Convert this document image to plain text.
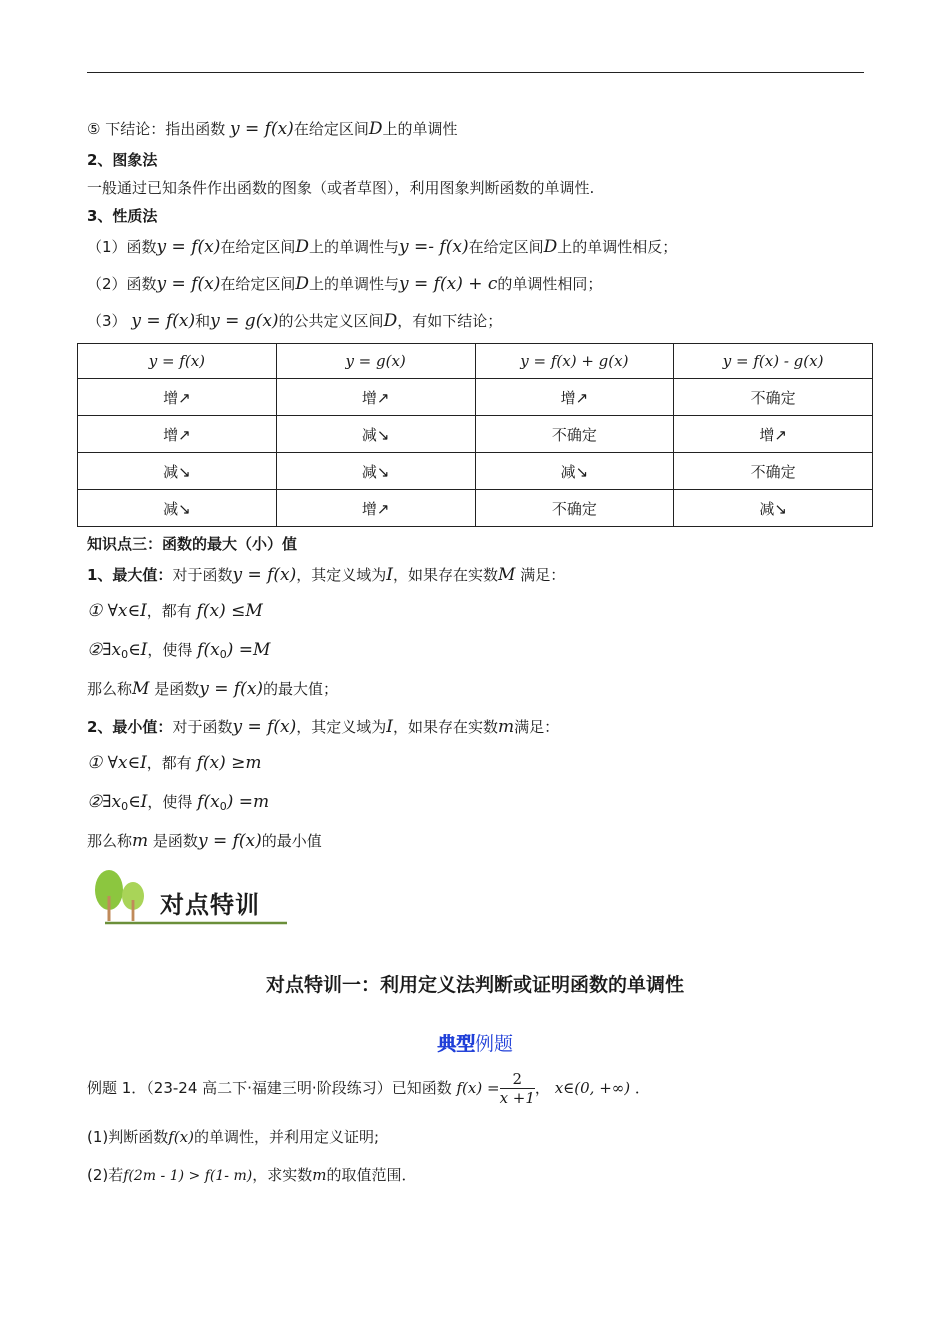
⑤ 下结论：指出函数 y = f(x)在给定区间D上的单调性
2、图象法
一般通过已知条件作出函数的图象（或者草图），利用图象判断函数的单调性.
3、性质法
（1）函数y = f(x)在给定区间D上的单调性与y =- f(x)在给定区间D上的单调性相反；
（2）函数y = f(x)在给定区间D上的单调性与y = f(x) + c的单调性相同；
（3） y = f(x)和y = g(x)的公共定义区间D，有如下结论；
y = f(x)	y = g(x)	y = f(x) + g(x)	y = f(x) - g(x)
增↗	增↗	增↗	不确定
增↗	减↘	不确定	增↗
减↘	减↘	减↘	不确定
减↘	增↗	不确定	减↘
知识点三：函数的最大（小）值
1、最大值：对于函数y = f(x)，其定义域为I，如果存在实数M 满足：
① ∀x∈I，都有 f(x) ≤M
$②\exists x_0\in I$，使得 $f(x_0) =M$
那么称M 是函数y = f(x)的最大值；
2、最小值：对于函数y = f(x)，其定义域为I，如果存在实数m满足：
① ∀x∈I，都有 f(x) ≥m
$②\exists x_0\in I$，使得 $f(x_0) =m$
那么称m 是函数y = f(x)的最小值
对点特训
对点特训一：利用定义法判断或证明函数的单调性
典型例题
例题 1．（23-24 高二下·福建三明·阶段练习）已知函数 $f(x) = \frac{2}{x +1}$ ， x∈(0, +∞) ．
(1)判断函数f(x)的单调性，并利用定义证明;
(2)若f(2m - 1) > f(1- m)，求实数m的取值范围．
